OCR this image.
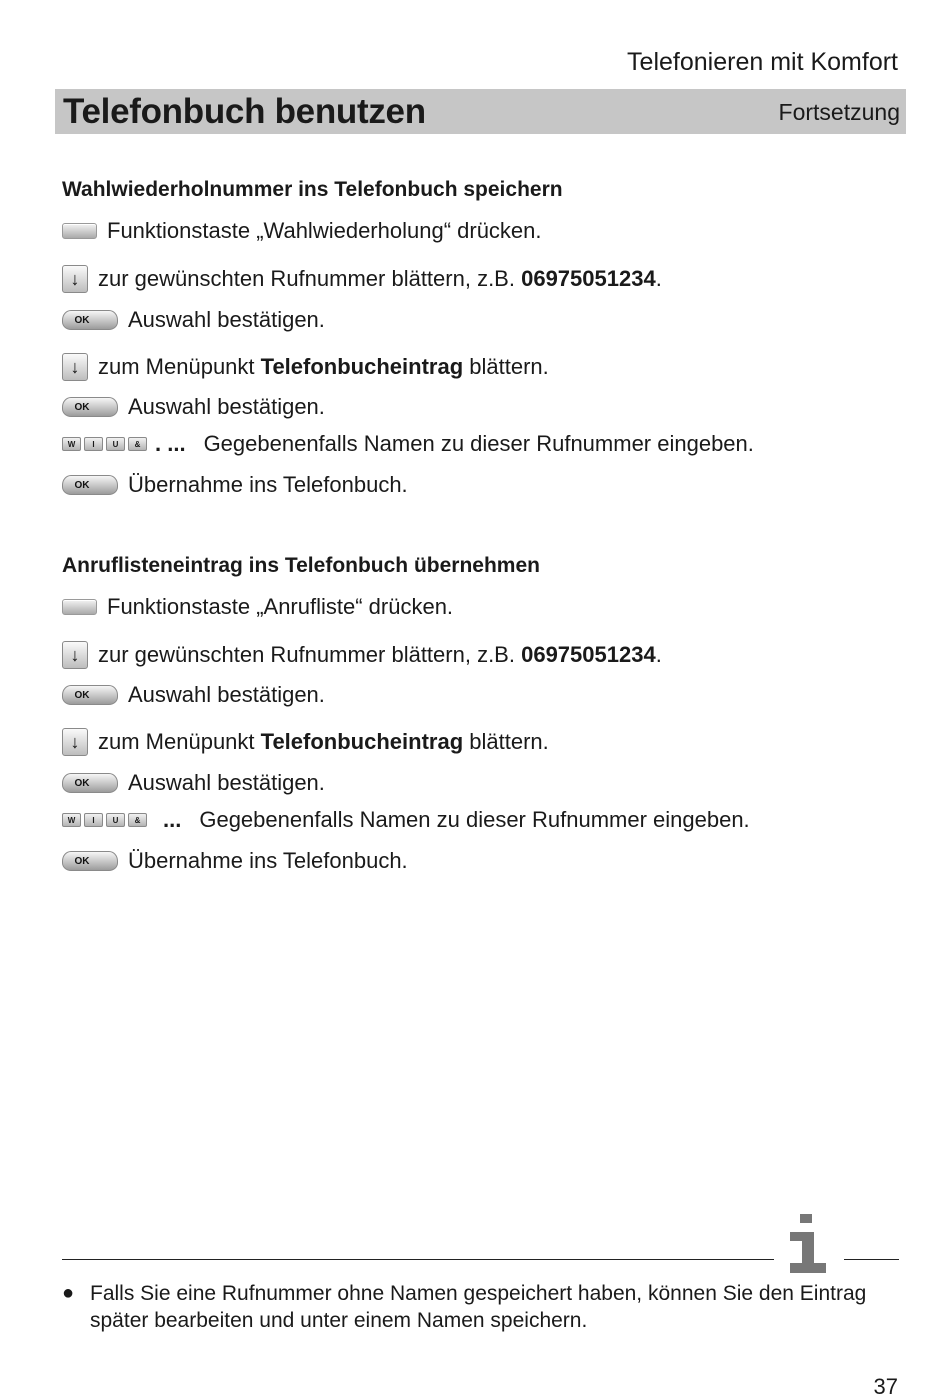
Telefonieren mit Komfort
Telefonbuch benutzen	Fortsetzung
Wahlwiederholnummer ins Telefonbuch speichern
Funktionstaste „Wahlwiederholung“ drücken.
↓ zur gewünschten Rufnummer blättern, z.B. 06975051234.
OK Auswahl bestätigen.
↓ zum Menüpunkt Telefonbucheintrag blättern.
OK Auswahl bestätigen.
W	I	U	& . ... Gegebenenfalls Namen zu dieser Rufnummer eingeben.
OK Übernahme ins Telefonbuch.
Anruflisteneintrag ins Telefonbuch übernehmen
Funktionstaste „Anrufliste“ drücken.
↓ zur gewünschten Rufnummer blättern, z.B. 06975051234.
OK Auswahl bestätigen.
↓ zum Menüpunkt Telefonbucheintrag blättern.
OK Auswahl bestätigen.
W	I	U	&	... Gegebenenfalls Namen zu dieser Rufnummer eingeben.
OK Übernahme ins Telefonbuch.
● Falls Sie eine Rufnummer ohne Namen gespeichert haben, können Sie den Eintrag später bearbeiten und unter einem Namen speichern.
37
